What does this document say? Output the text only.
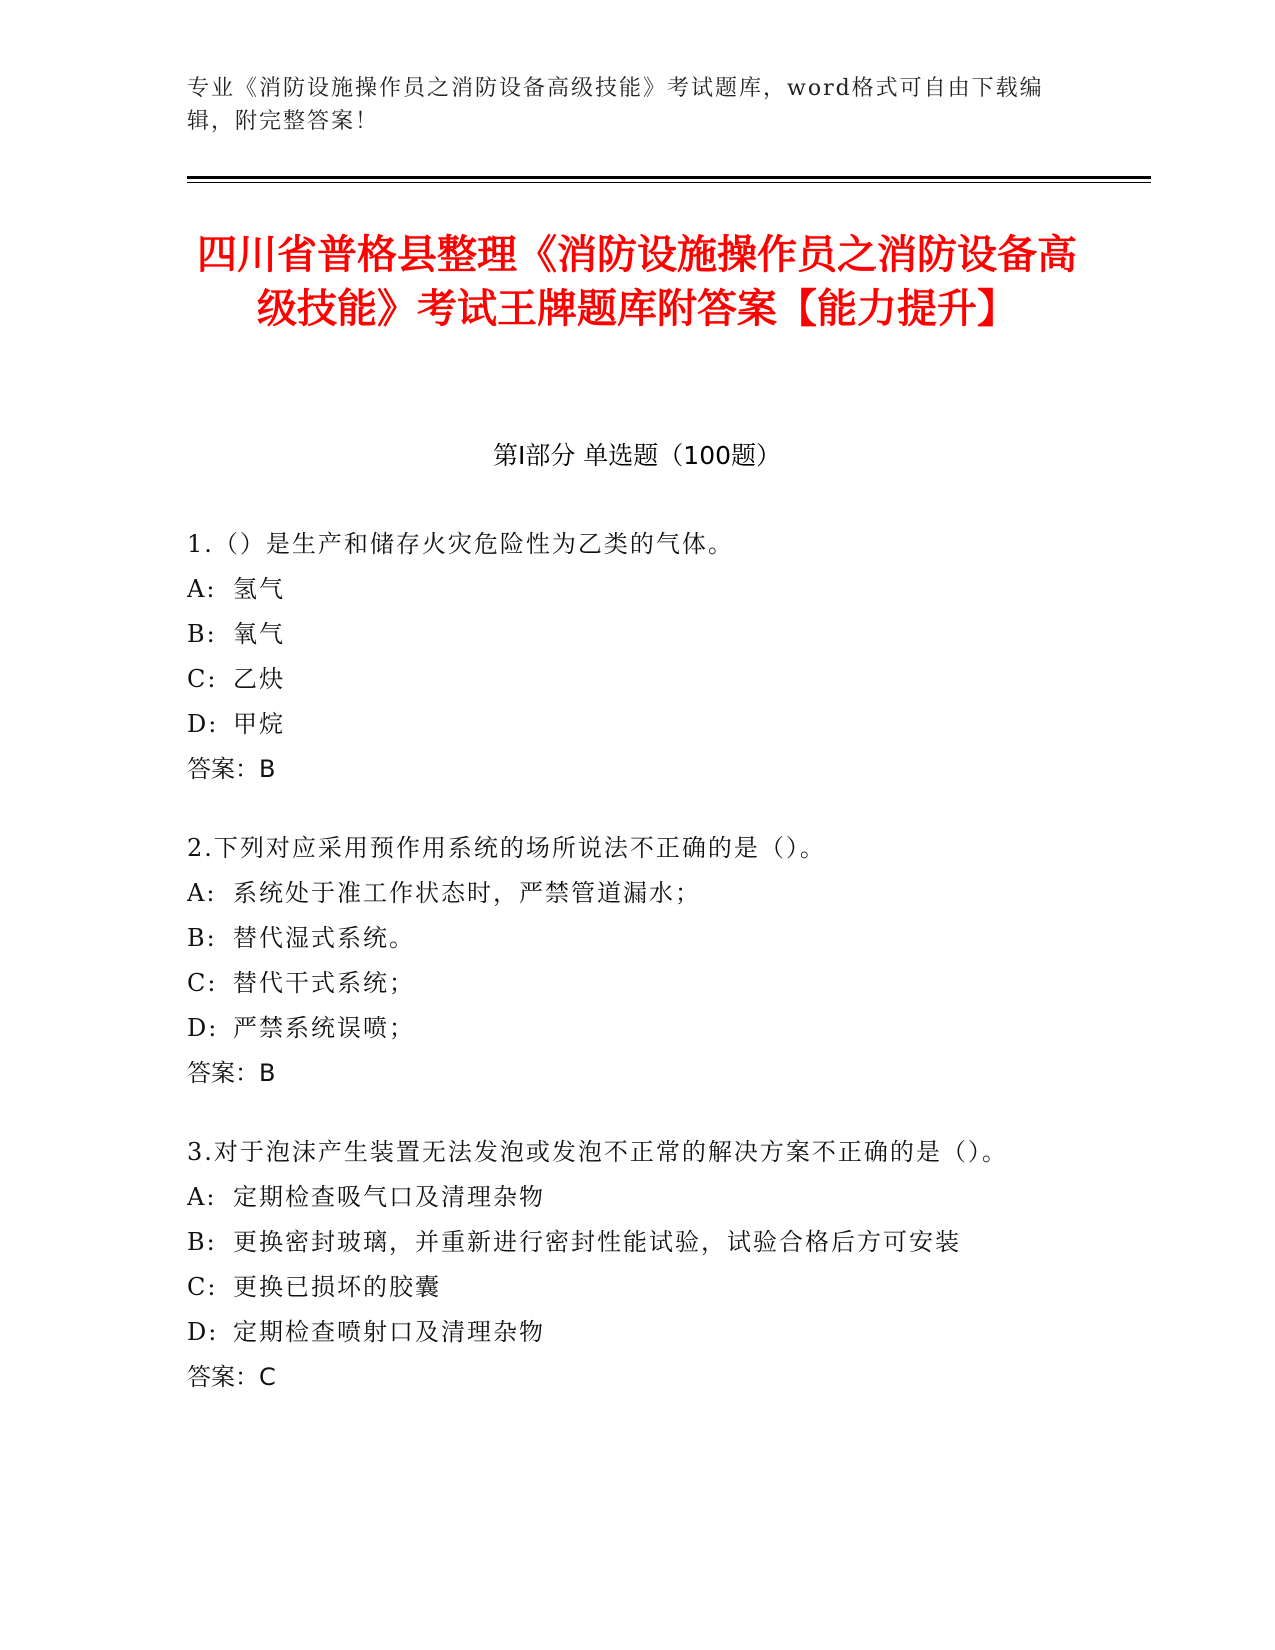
专业《消防设施操作员之消防设备高级技能》考试题库，word格式可自由下载编辑，附完整答案！
四川省普格县整理《消防设施操作员之消防设备高级技能》考试王牌题库附答案【能力提升】
第I部分 单选题（100题）
1.（）是生产和储存火灾危险性为乙类的气体。
A: 氢气
B: 氧气
C: 乙炔
D: 甲烷
答案：B
2.下列对应采用预作用系统的场所说法不正确的是（）。
A: 系统处于准工作状态时，严禁管道漏水；
B: 替代湿式系统。
C: 替代干式系统；
D: 严禁系统误喷；
答案：B
3.对于泡沫产生装置无法发泡或发泡不正常的解决方案不正确的是（）。
A: 定期检查吸气口及清理杂物
B: 更换密封玻璃，并重新进行密封性能试验，试验合格后方可安装
C: 更换已损坏的胶囊
D: 定期检查喷射口及清理杂物
答案：C
